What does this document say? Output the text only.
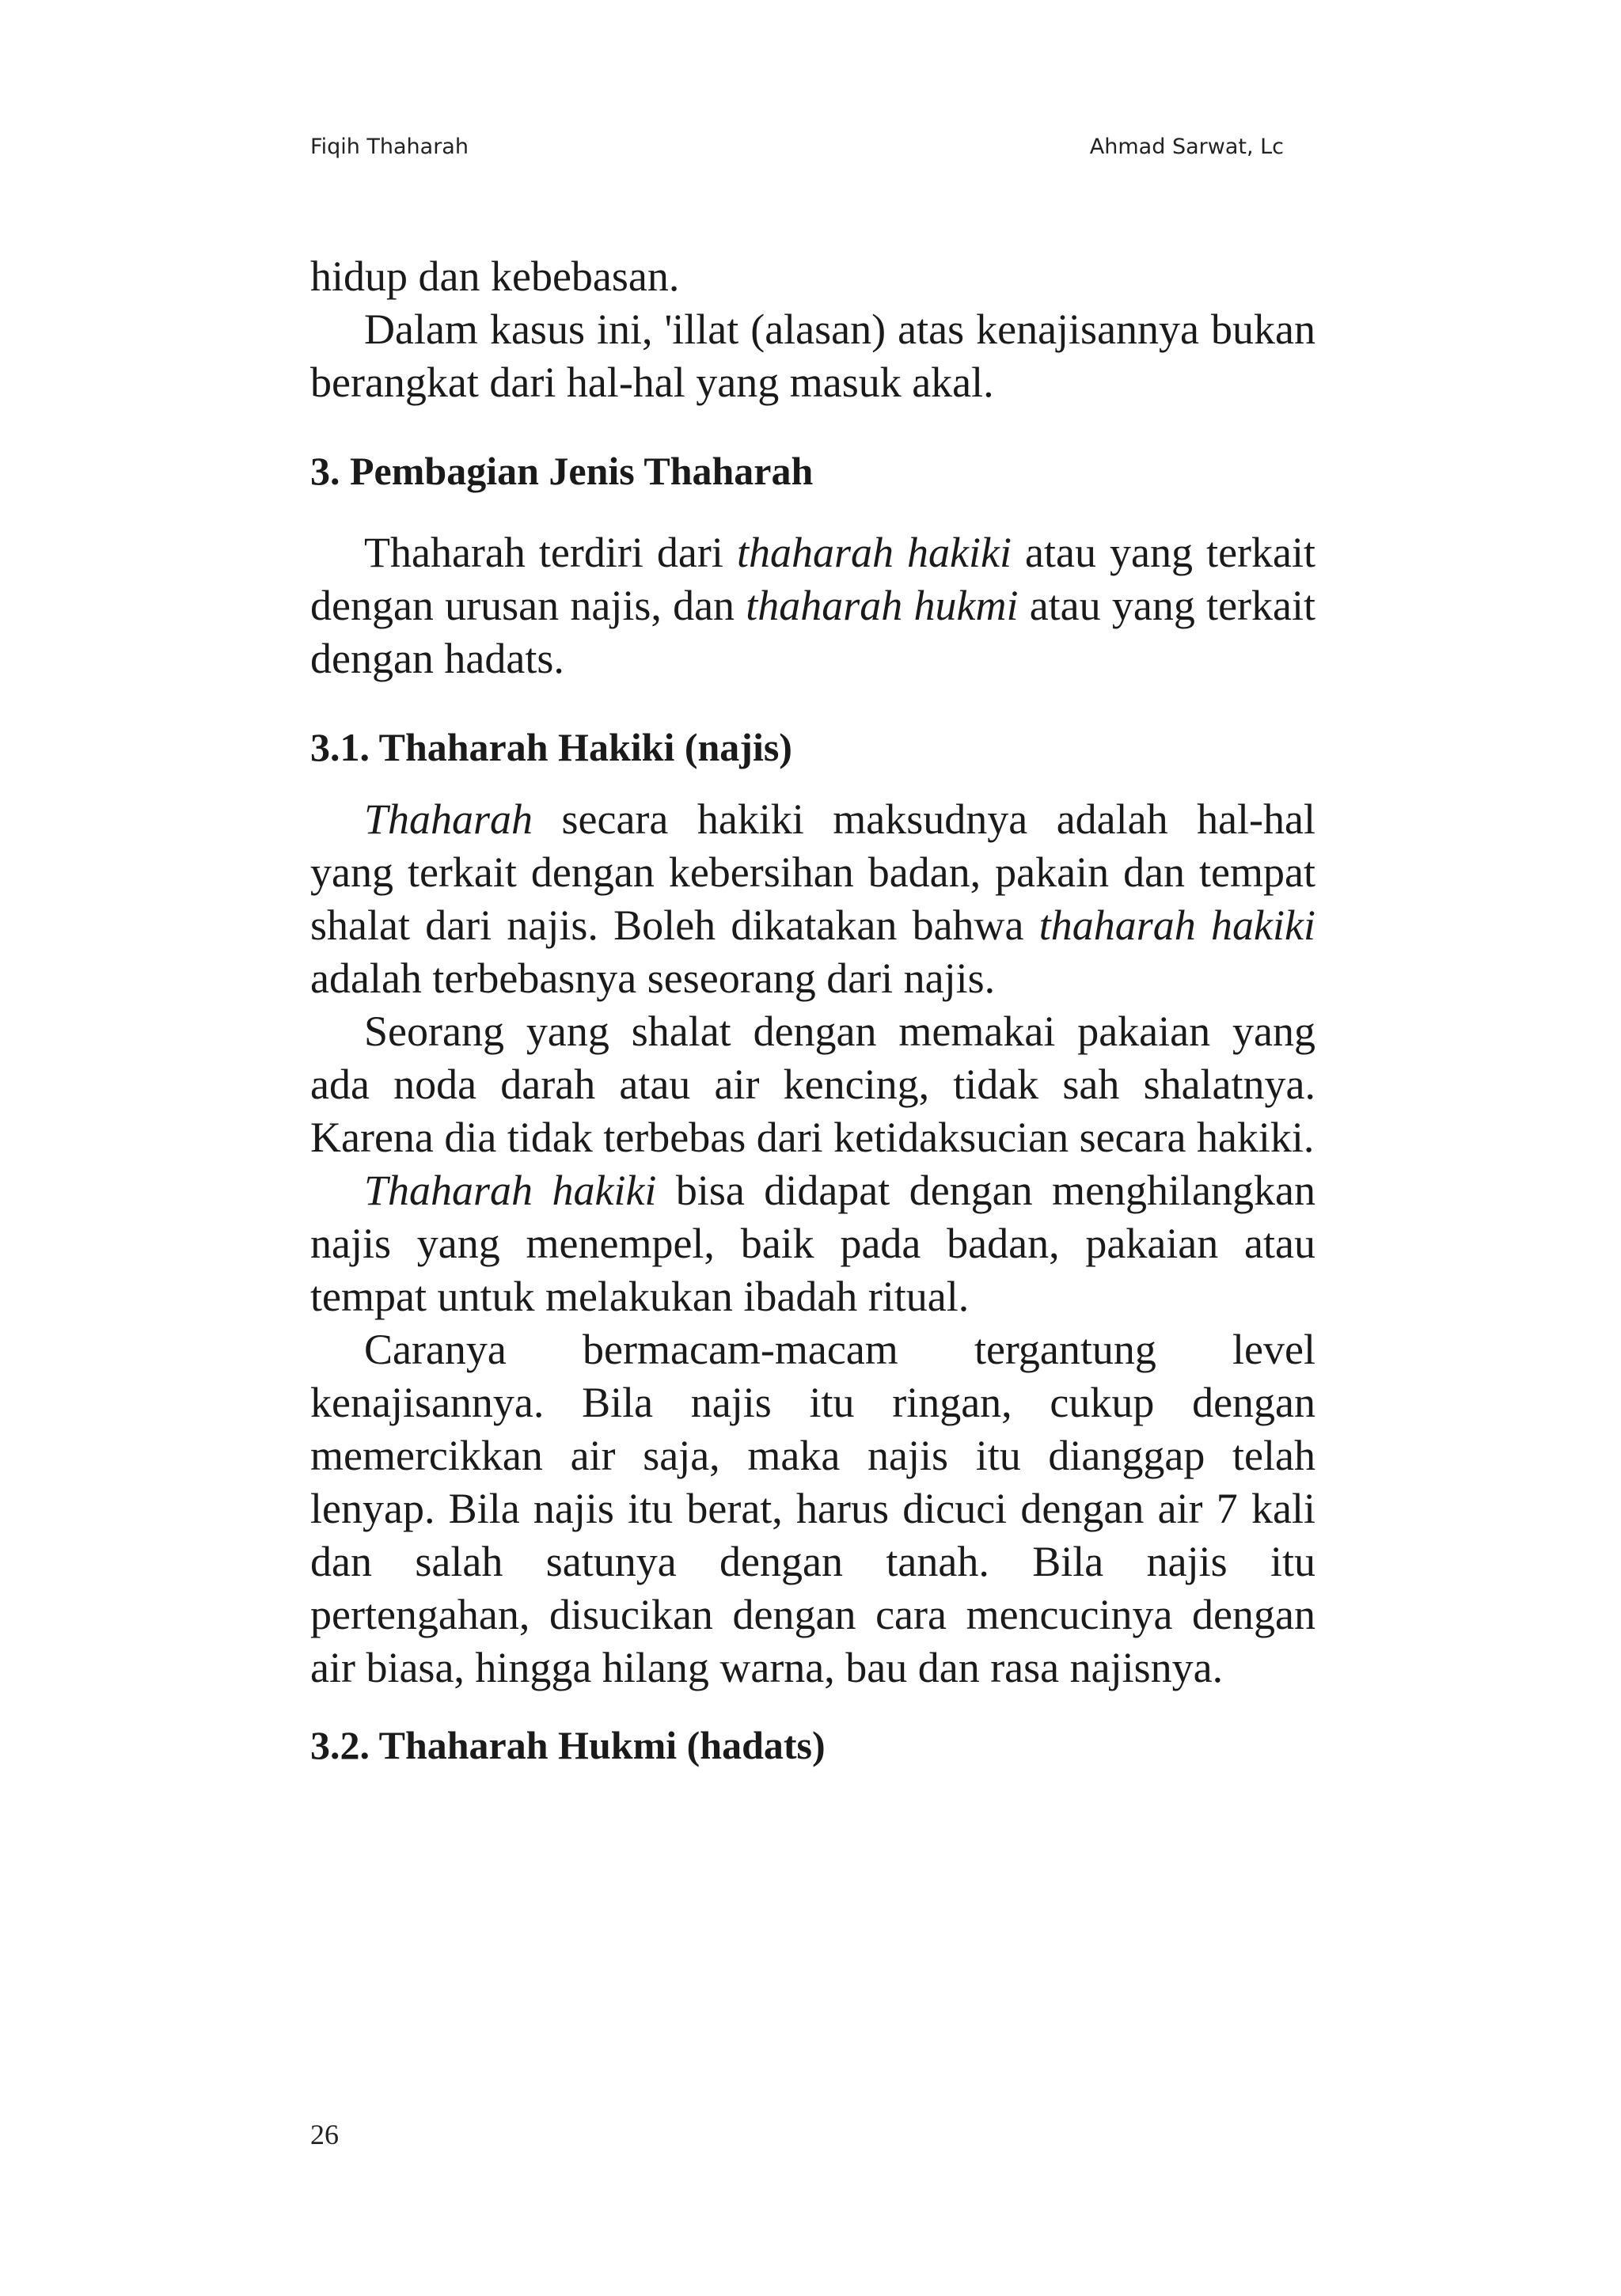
Fiqih Thaharah	Ahmad Sarwat, Lc

hidup dan kebebasan.

Dalam kasus ini, 'illat (alasan) atas kenajisannya bukan berangkat dari hal-hal yang masuk akal.

3. Pembagian Jenis Thaharah

Thaharah terdiri dari thaharah hakiki atau yang terkait dengan urusan najis, dan thaharah hukmi atau yang terkait dengan hadats.

3.1. Thaharah Hakiki (najis)

Thaharah secara hakiki maksudnya adalah hal-hal yang terkait dengan kebersihan badan, pakain dan tempat shalat dari najis. Boleh dikatakan bahwa thaharah hakiki adalah terbebasnya seseorang dari najis.

Seorang yang shalat dengan memakai pakaian yang ada noda darah atau air kencing, tidak sah shalatnya. Karena dia tidak terbebas dari ketidaksucian secara hakiki.

Thaharah hakiki bisa didapat dengan menghilangkan najis yang menempel, baik pada badan, pakaian atau tempat untuk melakukan ibadah ritual.

Caranya bermacam-macam tergantung level kenajisannya. Bila najis itu ringan, cukup dengan memercikkan air saja, maka najis itu dianggap telah lenyap. Bila najis itu berat, harus dicuci dengan air 7 kali dan salah satunya dengan tanah. Bila najis itu pertengahan, disucikan dengan cara mencucinya dengan air biasa, hingga hilang warna, bau dan rasa najisnya.

3.2. Thaharah Hukmi (hadats)
26
